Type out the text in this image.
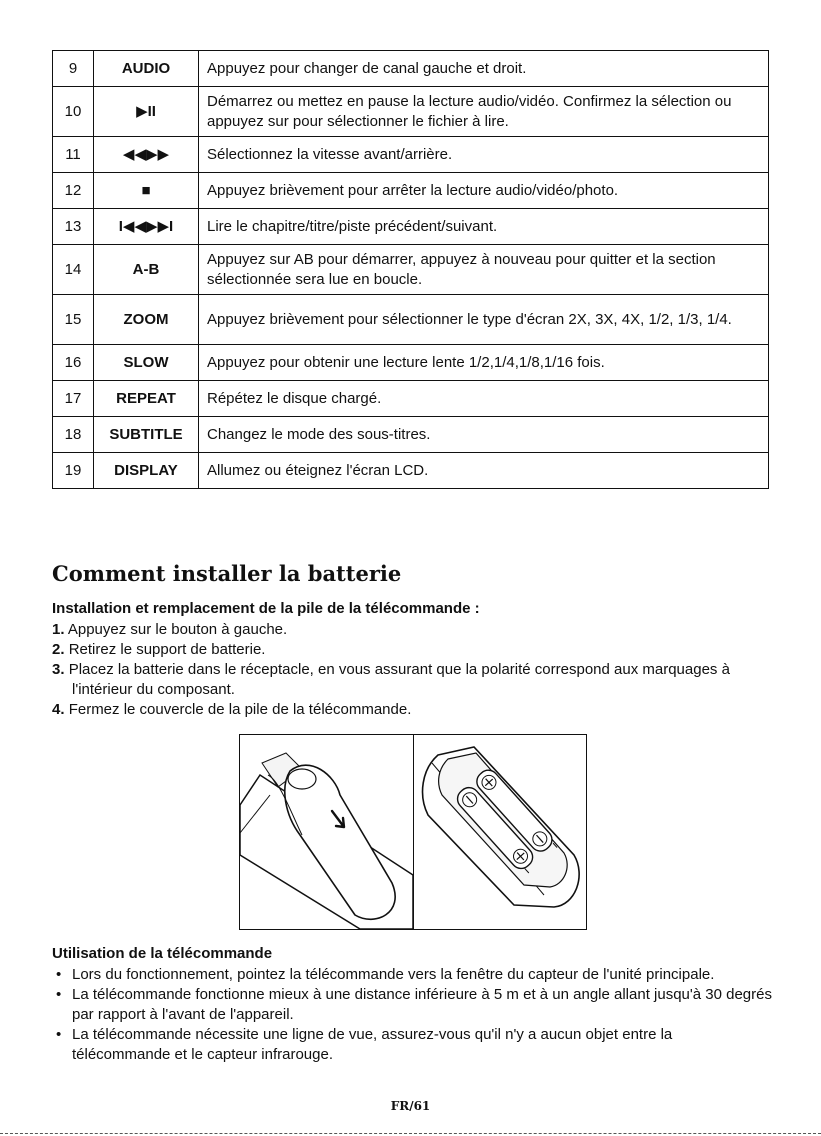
9	AUDIO	Appuyez pour changer de canal gauche et droit.
10	▶II	Démarrez ou mettez en pause la lecture audio/vidéo. Confirmez la sélection ou appuyez sur pour sélectionner le fichier à lire.
11	◀◀▶▶	Sélectionnez la vitesse avant/arrière.
12	■	Appuyez brièvement pour arrêter la lecture audio/vidéo/photo.
13	I◀◀▶▶I	Lire le chapitre/titre/piste précédent/suivant.
14	A-B	Appuyez sur AB pour démarrer, appuyez à nouveau pour quitter et la section sélectionnée sera lue en boucle.
15	ZOOM	Appuyez brièvement pour sélectionner le type d'écran 2X, 3X, 4X, 1/2, 1/3, 1/4.
16	SLOW	Appuyez pour obtenir une lecture lente 1/2,1/4,1/8,1/16 fois.
17	REPEAT	Répétez le disque chargé.
18	SUBTITLE	Changez le mode des sous-titres.
19	DISPLAY	Allumez ou éteignez l'écran LCD.
Comment installer la batterie

Installation et remplacement de la pile de la télécommande :

1. Appuyez sur le bouton à gauche.
2. Retirez le support de batterie.
3. Placez la batterie dans le réceptacle, en vous assurant que la polarité correspond aux marquages à l'intérieur du composant.
4. Fermez le couvercle de la pile de la télécommande.

Utilisation de la télécommande

• Lors du fonctionnement, pointez la télécommande vers la fenêtre du capteur de l'unité principale.
• La télécommande fonctionne mieux à une distance inférieure à 5 m et à un angle allant jusqu'à 30 degrés par rapport à l'avant de l'appareil.
• La télécommande nécessite une ligne de vue, assurez-vous qu'il n'y a aucun objet entre la télécommande et le capteur infrarouge.
FR/61
